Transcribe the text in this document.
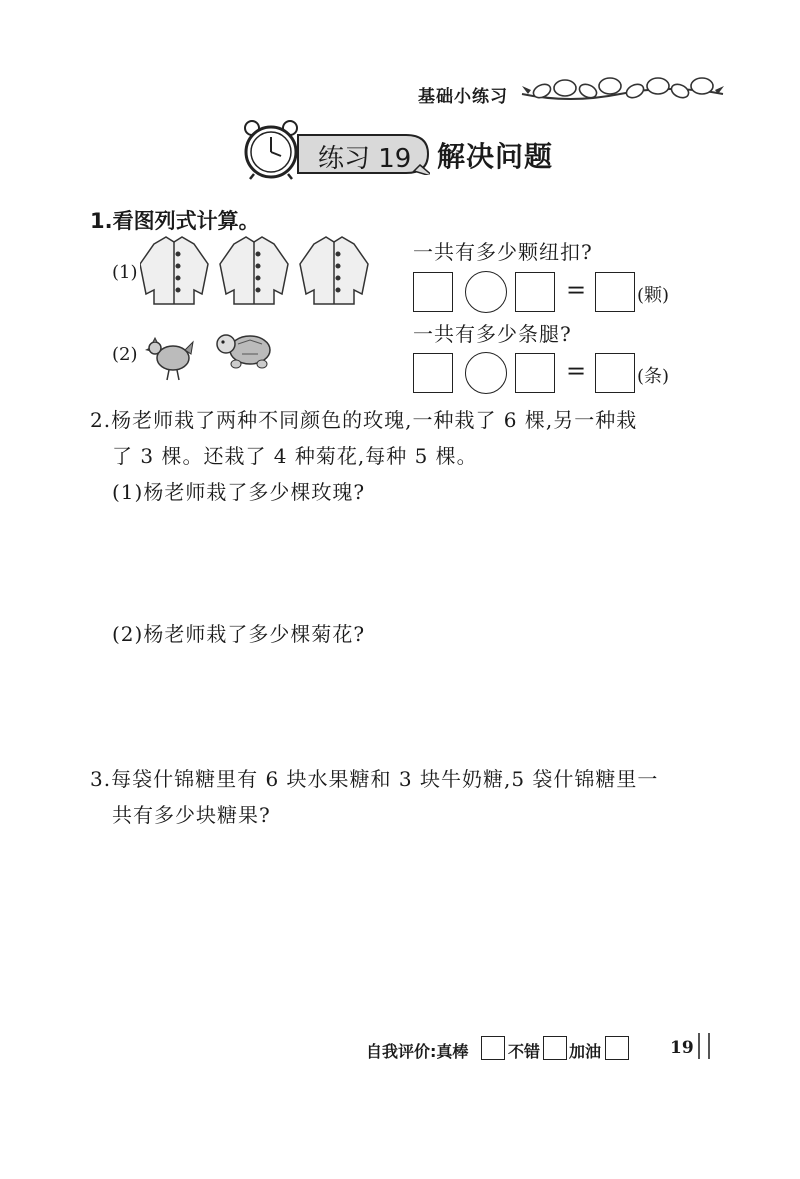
基础小练习
练习 19 解决问题
1.看图列式计算。
(1)
一共有多少颗纽扣?
=	(颗)
(2)
一共有多少条腿?
=	(条)
2.杨老师栽了两种不同颜色的玫瑰,一种栽了 6 棵,另一种栽
了 3 棵。还栽了 4 种菊花,每种 5 棵。
(1)杨老师栽了多少棵玫瑰?
(2)杨老师栽了多少棵菊花?
3.每袋什锦糖里有 6 块水果糖和 3 块牛奶糖,5 袋什锦糖里一
共有多少块糖果?
自我评价:真棒 不错 加油	19
